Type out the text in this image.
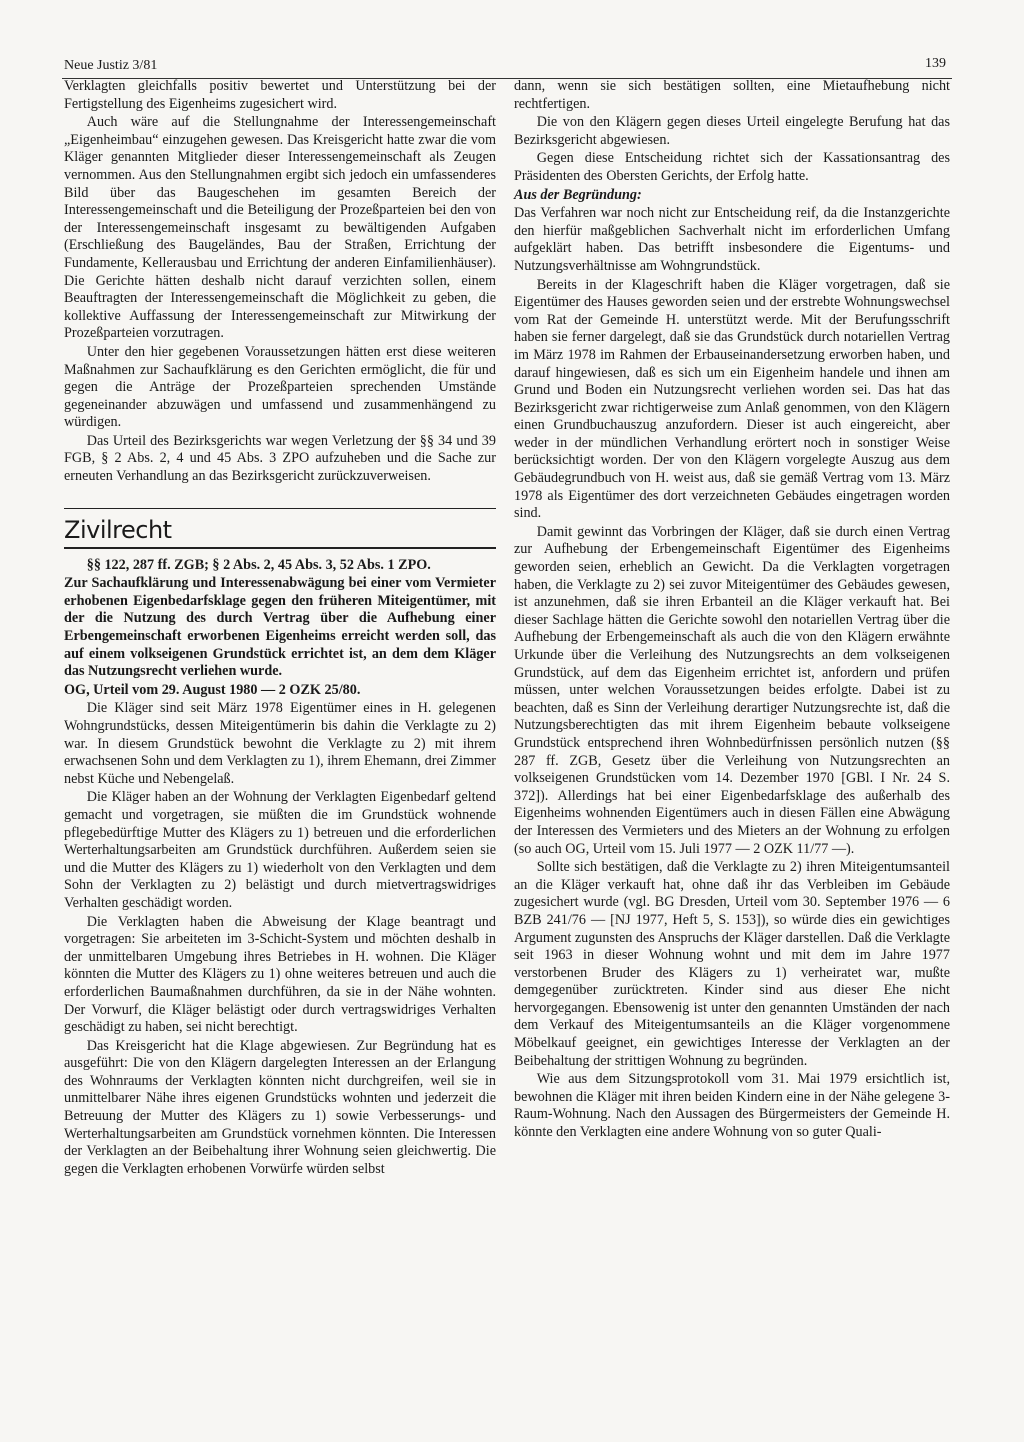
Neue Justiz 3/81	139

Verklagten gleichfalls positiv bewertet und Unterstützung bei der Fertigstellung des Eigenheims zugesichert wird.

Auch wäre auf die Stellungnahme der Interessengemeinschaft „Eigenheimbau“ einzugehen gewesen. Das Kreisgericht hatte zwar die vom Kläger genannten Mitglieder dieser Interessengemeinschaft als Zeugen vernommen. Aus den Stellungnahmen ergibt sich jedoch ein umfassenderes Bild über das Baugeschehen im gesamten Bereich der Interessengemeinschaft und die Beteiligung der Prozeßparteien bei den von der Interessengemeinschaft insgesamt zu bewältigenden Aufgaben (Erschließung des Baugeländes, Bau der Straßen, Errichtung der Fundamente, Kellerausbau und Errichtung der anderen Einfamilienhäuser). Die Gerichte hätten deshalb nicht darauf verzichten sollen, einem Beauftragten der Interessengemeinschaft die Möglichkeit zu geben, die kollektive Auffassung der Interessengemeinschaft zur Mitwirkung der Prozeßparteien vorzutragen.

Unter den hier gegebenen Voraussetzungen hätten erst diese weiteren Maßnahmen zur Sachaufklärung es den Gerichten ermöglicht, die für und gegen die Anträge der Prozeßparteien sprechenden Umstände gegeneinander abzuwägen und umfassend und zusammenhängend zu würdigen.

Das Urteil des Bezirksgerichts war wegen Verletzung der §§ 34 und 39 FGB, § 2 Abs. 2, 4 und 45 Abs. 3 ZPO aufzuheben und die Sache zur erneuten Verhandlung an das Bezirksgericht zurückzuverweisen.

Zivilrecht

§§ 122, 287 ff. ZGB; § 2 Abs. 2, 45 Abs. 3, 52 Abs. 1 ZPO.

Zur Sachaufklärung und Interessenabwägung bei einer vom Vermieter erhobenen Eigenbedarfsklage gegen den früheren Miteigentümer, mit der die Nutzung des durch Vertrag über die Aufhebung einer Erbengemeinschaft erworbenen Eigenheims erreicht werden soll, das auf einem volkseigenen Grundstück errichtet ist, an dem dem Kläger das Nutzungsrecht verliehen wurde.

OG, Urteil vom 29. August 1980 — 2 OZK 25/80.

Die Kläger sind seit März 1978 Eigentümer eines in H. gelegenen Wohngrundstücks, dessen Miteigentümerin bis dahin die Verklagte zu 2) war. In diesem Grundstück bewohnt die Verklagte zu 2) mit ihrem erwachsenen Sohn und dem Verklagten zu 1), ihrem Ehemann, drei Zimmer nebst Küche und Nebengelaß.

Die Kläger haben an der Wohnung der Verklagten Eigenbedarf geltend gemacht und vorgetragen, sie müßten die im Grundstück wohnende pflegebedürftige Mutter des Klägers zu 1) betreuen und die erforderlichen Werterhaltungsarbeiten am Grundstück durchführen. Außerdem seien sie und die Mutter des Klägers zu 1) wiederholt von den Verklagten und dem Sohn der Verklagten zu 2) belästigt und durch mietvertragswidriges Verhalten geschädigt worden.

Die Verklagten haben die Abweisung der Klage beantragt und vorgetragen: Sie arbeiteten im 3-Schicht-System und möchten deshalb in der unmittelbaren Umgebung ihres Betriebes in H. wohnen. Die Kläger könnten die Mutter des Klägers zu 1) ohne weiteres betreuen und auch die erforderlichen Baumaßnahmen durchführen, da sie in der Nähe wohnten. Der Vorwurf, die Kläger belästigt oder durch vertragswidriges Verhalten geschädigt zu haben, sei nicht berechtigt.

Das Kreisgericht hat die Klage abgewiesen. Zur Begründung hat es ausgeführt: Die von den Klägern dargelegten Interessen an der Erlangung des Wohnraums der Verklagten könnten nicht durchgreifen, weil sie in unmittelbarer Nähe ihres eigenen Grundstücks wohnten und jederzeit die Betreuung der Mutter des Klägers zu 1) sowie Verbesserungs- und Werterhaltungsarbeiten am Grundstück vornehmen könnten. Die Interessen der Verklagten an der Beibehaltung ihrer Wohnung seien gleichwertig. Die gegen die Verklagten erhobenen Vorwürfe würden selbst

dann, wenn sie sich bestätigen sollten, eine Mietaufhebung nicht rechtfertigen.

Die von den Klägern gegen dieses Urteil eingelegte Berufung hat das Bezirksgericht abgewiesen.

Gegen diese Entscheidung richtet sich der Kassationsantrag des Präsidenten des Obersten Gerichts, der Erfolg hatte.

Aus der Begründung:

Das Verfahren war noch nicht zur Entscheidung reif, da die Instanzgerichte den hierfür maßgeblichen Sachverhalt nicht im erforderlichen Umfang aufgeklärt haben. Das betrifft insbesondere die Eigentums- und Nutzungsverhältnisse am Wohngrundstück.

Bereits in der Klageschrift haben die Kläger vorgetragen, daß sie Eigentümer des Hauses geworden seien und der erstrebte Wohnungswechsel vom Rat der Gemeinde H. unterstützt werde. Mit der Berufungsschrift haben sie ferner dargelegt, daß sie das Grundstück durch notariellen Vertrag im März 1978 im Rahmen der Erbauseinandersetzung erworben haben, und darauf hingewiesen, daß es sich um ein Eigenheim handele und ihnen am Grund und Boden ein Nutzungsrecht verliehen worden sei. Das hat das Bezirksgericht zwar richtigerweise zum Anlaß genommen, von den Klägern einen Grundbuchauszug anzufordern. Dieser ist auch eingereicht, aber weder in der mündlichen Verhandlung erörtert noch in sonstiger Weise berücksichtigt worden. Der von den Klägern vorgelegte Auszug aus dem Gebäudegrundbuch von H. weist aus, daß sie gemäß Vertrag vom 13. März 1978 als Eigentümer des dort verzeichneten Gebäudes eingetragen worden sind.

Damit gewinnt das Vorbringen der Kläger, daß sie durch einen Vertrag zur Aufhebung der Erbengemeinschaft Eigentümer des Eigenheims geworden seien, erheblich an Gewicht. Da die Verklagten vorgetragen haben, die Verklagte zu 2) sei zuvor Miteigentümer des Gebäudes gewesen, ist anzunehmen, daß sie ihren Erbanteil an die Kläger verkauft hat. Bei dieser Sachlage hätten die Gerichte sowohl den notariellen Vertrag über die Aufhebung der Erbengemeinschaft als auch die von den Klägern erwähnte Urkunde über die Verleihung des Nutzungsrechts an dem volkseigenen Grundstück, auf dem das Eigenheim errichtet ist, anfordern und prüfen müssen, unter welchen Voraussetzungen beides erfolgte. Dabei ist zu beachten, daß es Sinn der Verleihung derartiger Nutzungsrechte ist, daß die Nutzungsberechtigten das mit ihrem Eigenheim bebaute volkseigene Grundstück entsprechend ihren Wohnbedürfnissen persönlich nutzen (§§ 287 ff. ZGB, Gesetz über die Verleihung von Nutzungsrechten an volkseigenen Grundstücken vom 14. Dezember 1970 [GBl. I Nr. 24 S. 372]). Allerdings hat bei einer Eigenbedarfsklage des außerhalb des Eigenheims wohnenden Eigentümers auch in diesen Fällen eine Abwägung der Interessen des Vermieters und des Mieters an der Wohnung zu erfolgen (so auch OG, Urteil vom 15. Juli 1977 — 2 OZK 11/77 —).

Sollte sich bestätigen, daß die Verklagte zu 2) ihren Miteigentumsanteil an die Kläger verkauft hat, ohne daß ihr das Verbleiben im Gebäude zugesichert wurde (vgl. BG Dresden, Urteil vom 30. September 1976 — 6 BZB 241/76 — [NJ 1977, Heft 5, S. 153]), so würde dies ein gewichtiges Argument zugunsten des Anspruchs der Kläger darstellen. Daß die Verklagte seit 1963 in dieser Wohnung wohnt und mit dem im Jahre 1977 verstorbenen Bruder des Klägers zu 1) verheiratet war, mußte demgegenüber zurücktreten. Kinder sind aus dieser Ehe nicht hervorgegangen. Ebensowenig ist unter den genannten Umständen der nach dem Verkauf des Miteigentumsanteils an die Kläger vorgenommene Möbelkauf geeignet, ein gewichtiges Interesse der Verklagten an der Beibehaltung der strittigen Wohnung zu begründen.

Wie aus dem Sitzungsprotokoll vom 31. Mai 1979 ersichtlich ist, bewohnen die Kläger mit ihren beiden Kindern eine in der Nähe gelegene 3-Raum-Wohnung. Nach den Aussagen des Bürgermeisters der Gemeinde H. könnte den Verklagten eine andere Wohnung von so guter Quali-
